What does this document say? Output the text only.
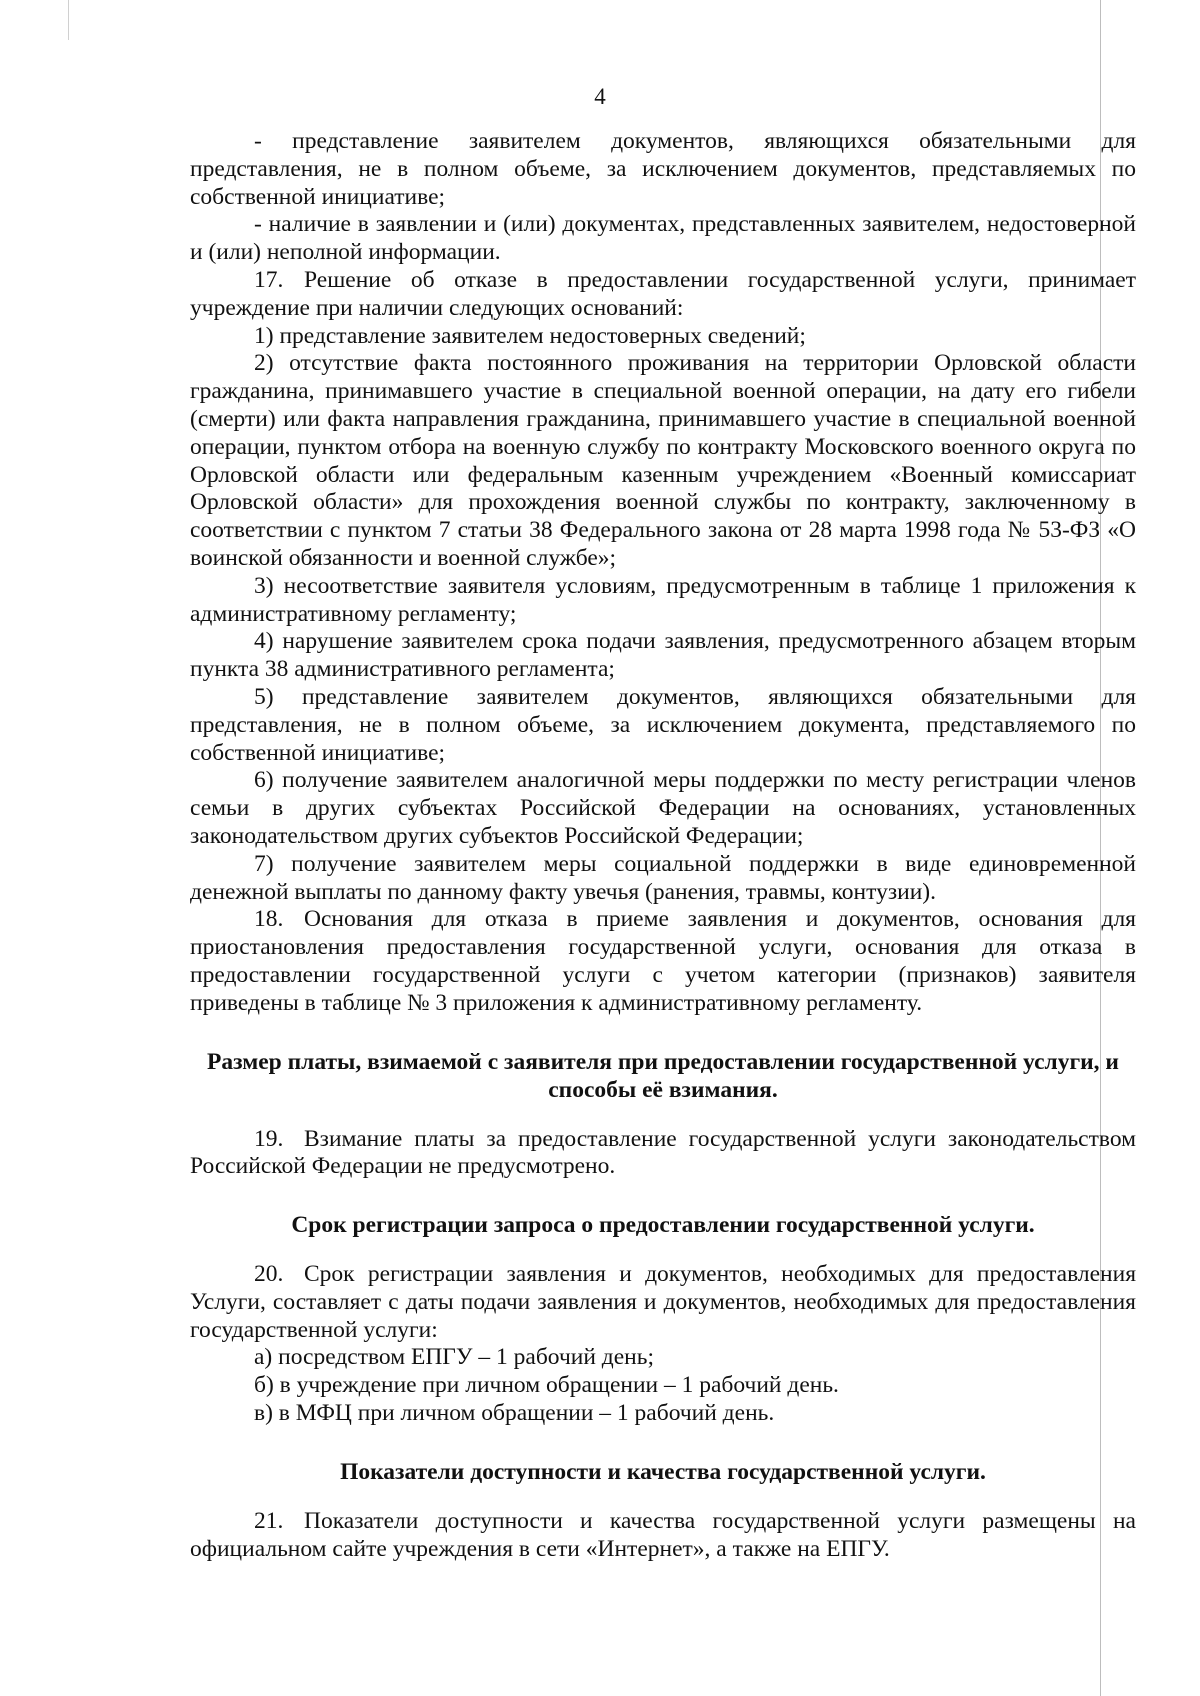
4

- представление заявителем документов, являющихся обязательными для представления, не в полном объеме, за исключением документов, представляемых по собственной инициативе;

- наличие в заявлении и (или) документах, представленных заявителем, недостоверной и (или) неполной информации.

17. Решение об отказе в предоставлении государственной услуги, принимает учреждение при наличии следующих оснований:

1) представление заявителем недостоверных сведений;

2) отсутствие факта постоянного проживания на территории Орловской области гражданина, принимавшего участие в специальной военной операции, на дату его гибели (смерти) или факта направления гражданина, принимавшего участие в специальной военной операции, пунктом отбора на военную службу по контракту Московского военного округа по Орловской области или федеральным казенным учреждением «Военный комиссариат Орловской области» для прохождения военной службы по контракту, заключенному в соответствии с пунктом 7 статьи 38 Федерального закона от 28 марта 1998 года № 53-ФЗ «О воинской обязанности и военной службе»;

3) несоответствие заявителя условиям, предусмотренным в таблице 1 приложения к административному регламенту;

4) нарушение заявителем срока подачи заявления, предусмотренного абзацем вторым пункта 38 административного регламента;

5) представление заявителем документов, являющихся обязательными для представления, не в полном объеме, за исключением документа, представляемого по собственной инициативе;

6) получение заявителем аналогичной меры поддержки по месту регистрации членов семьи в других субъектах Российской Федерации на основаниях, установленных законодательством других субъектов Российской Федерации;

7) получение заявителем меры социальной поддержки в виде единовременной денежной выплаты по данному факту увечья (ранения, травмы, контузии).

18. Основания для отказа в приеме заявления и документов, основания для приостановления предоставления государственной услуги, основания для отказа в предоставлении государственной услуги с учетом категории (признаков) заявителя приведены в таблице № 3 приложения к административному регламенту.

Размер платы, взимаемой с заявителя при предоставлении государственной услуги, и способы её взимания.

19. Взимание платы за предоставление государственной услуги законодательством Российской Федерации не предусмотрено.

Срок регистрации запроса о предоставлении государственной услуги.

20. Срок регистрации заявления и документов, необходимых для предоставления Услуги, составляет с даты подачи заявления и документов, необходимых для предоставления государственной услуги:

а) посредством ЕПГУ – 1 рабочий день;

б) в учреждение при личном обращении – 1 рабочий день.

в) в МФЦ при личном обращении – 1 рабочий день.

Показатели доступности и качества государственной услуги.

21. Показатели доступности и качества государственной услуги размещены на официальном сайте учреждения в сети «Интернет», а также на ЕПГУ.
